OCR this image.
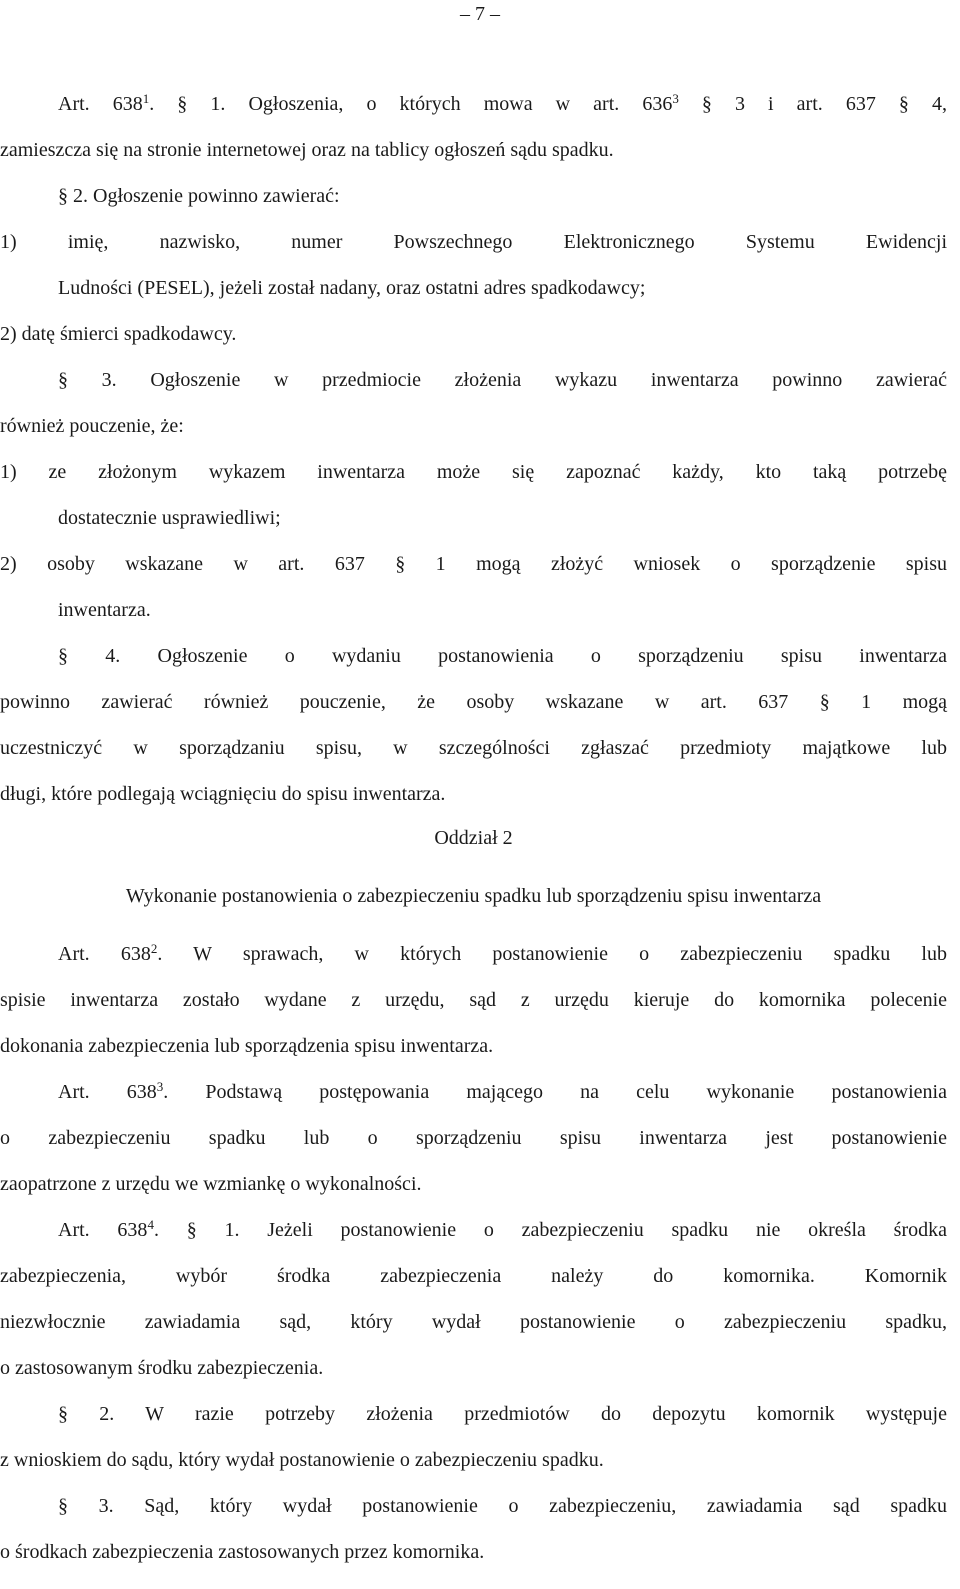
– 7 –
Art. $638^1$. § 1. Ogłoszenia, o których mowa w art. $636^3$ § 3 i art. 637 § 4,
zamieszcza się na stronie internetowej oraz na tablicy ogłoszeń sądu spadku.
§ 2. Ogłoszenie powinno zawierać:
1) imię, nazwisko, numer Powszechnego Elektronicznego Systemu Ewidencji
Ludności (PESEL), jeżeli został nadany, oraz ostatni adres spadkodawcy;
2) datę śmierci spadkodawcy.
§ 3. Ogłoszenie w przedmiocie złożenia wykazu inwentarza powinno zawierać
również pouczenie, że:
1) ze złożonym wykazem inwentarza może się zapoznać każdy, kto taką potrzebę
dostatecznie usprawiedliwi;
2) osoby wskazane w art. 637 § 1 mogą złożyć wniosek o sporządzenie spisu
inwentarza.
§ 4. Ogłoszenie o wydaniu postanowienia o sporządzeniu spisu inwentarza
powinno zawierać również pouczenie, że osoby wskazane w art. 637 § 1 mogą
uczestniczyć w sporządzaniu spisu, w szczególności zgłaszać przedmioty majątkowe lub
długi, które podlegają wciągnięciu do spisu inwentarza.
Oddział 2
Wykonanie postanowienia o zabezpieczeniu spadku lub sporządzeniu spisu inwentarza
Art. $638^2$. W sprawach, w których postanowienie o zabezpieczeniu spadku lub
spisie inwentarza zostało wydane z urzędu, sąd z urzędu kieruje do komornika polecenie
dokonania zabezpieczenia lub sporządzenia spisu inwentarza.
Art. $638^3$. Podstawą postępowania mającego na celu wykonanie postanowienia
o zabezpieczeniu spadku lub o sporządzeniu spisu inwentarza jest postanowienie
zaopatrzone z urzędu we wzmiankę o wykonalności.
Art. $638^4$. § 1. Jeżeli postanowienie o zabezpieczeniu spadku nie określa środka
zabezpieczenia, wybór środka zabezpieczenia należy do komornika. Komornik
niezwłocznie zawiadamia sąd, który wydał postanowienie o zabezpieczeniu spadku,
o zastosowanym środku zabezpieczenia.
§ 2. W razie potrzeby złożenia przedmiotów do depozytu komornik występuje
z wnioskiem do sądu, który wydał postanowienie o zabezpieczeniu spadku.
§ 3. Sąd, który wydał postanowienie o zabezpieczeniu, zawiadamia sąd spadku
o środkach zabezpieczenia zastosowanych przez komornika.
